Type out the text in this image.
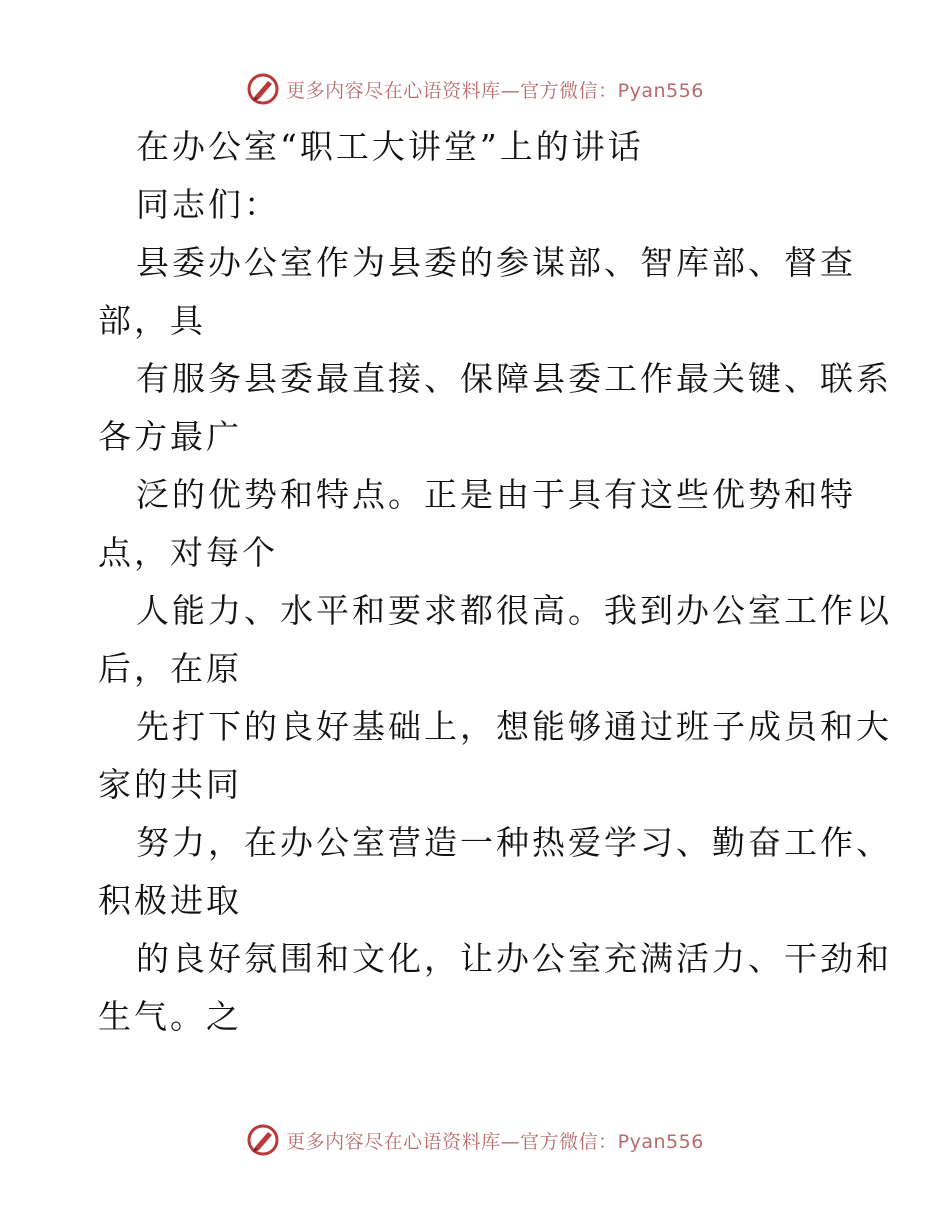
更多内容尽在心语资料库—官方微信：Pyan556
在办公室“职工大讲堂”上的讲话
同志们：
县委办公室作为县委的参谋部、智库部、督查
部，具
有服务县委最直接、保障县委工作最关键、联系
各方最广
泛的优势和特点。正是由于具有这些优势和特
点，对每个
人能力、水平和要求都很高。我到办公室工作以
后，在原
先打下的良好基础上，想能够通过班子成员和大
家的共同
努力，在办公室营造一种热爱学习、勤奋工作、
积极进取
的良好氛围和文化，让办公室充满活力、干劲和
生气。之
更多内容尽在心语资料库—官方微信：Pyan556
